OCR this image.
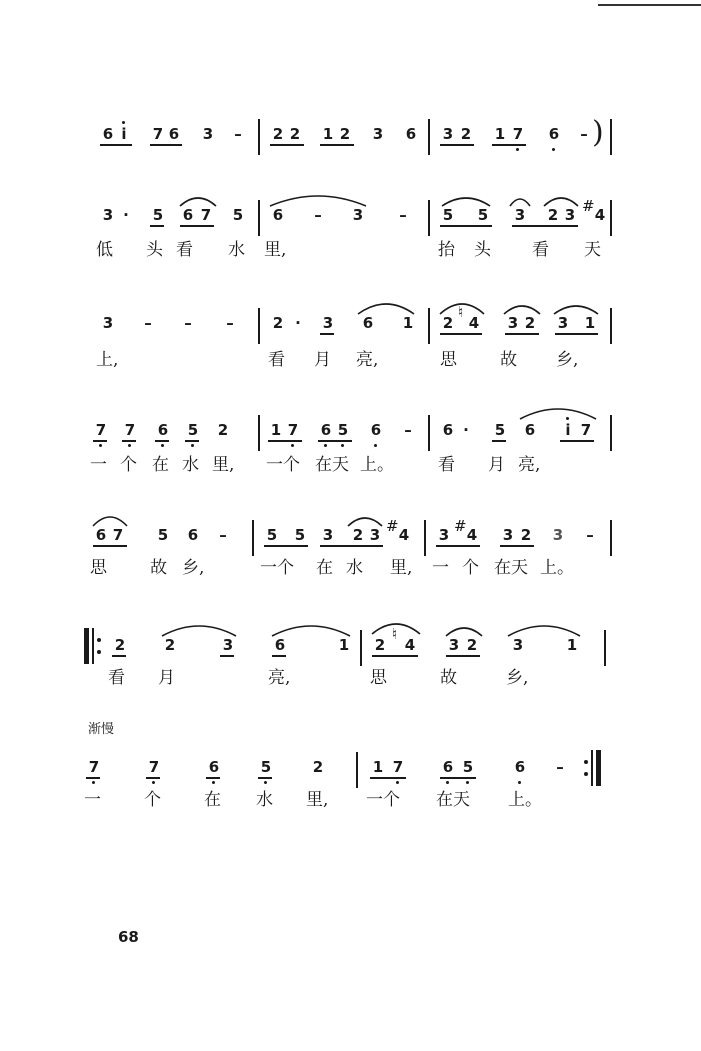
6 i	7 6 3 – 2 2 1 2 3 6 3 2 1 7 6 – )
3 ·	5 6 7 5 6 – 3 – 5 5 3 2 3 # 4
低 头 看 水 里,	抬 头 看 天
3 – – –	2 ·	3 6 1 2
♮
4 3 2 3 1
上,	看 月 亮,	思	故 乡,
7 7 6 5 2	1 7 6 5 6 – 6 ·	5 6	i 7
一 个 在 水 里, 一个 在天 上。	看 月 亮,
6 7 5 6 –	5 5 3 2 3 # 4 3 # 4 3 2 3 –
思	故 乡,	一个 在 水 里, 一 个 在天 上。
2	2	3	6	1 2
♮
4 3 2 3	1
看 月	亮,	思	故	乡,
渐慢
7	7	6	5	2	1 7	6 5	6 –
一	个	在 水 里, 一个 在天 上。
68
